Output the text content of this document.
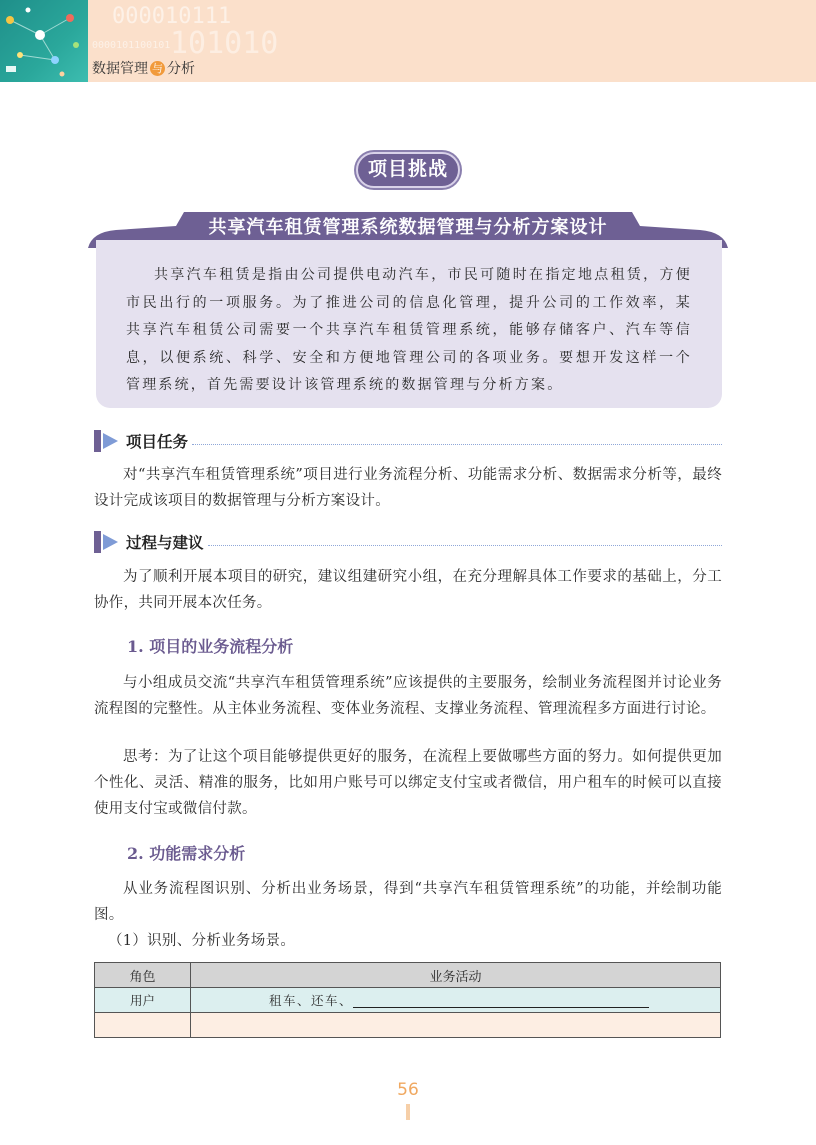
000010111
0000101100101 101010
数据管理 与 分析
项目挑战
共享汽车租赁管理系统数据管理与分析方案设计

共享汽车租赁是指由公司提供电动汽车，市民可随时在指定地点租赁，方便市民出行的一项服务。为了推进公司的信息化管理，提升公司的工作效率，某共享汽车租赁公司需要一个共享汽车租赁管理系统，能够存储客户、汽车等信息，以便系统、科学、安全和方便地管理公司的各项业务。要想开发这样一个管理系统，首先需要设计该管理系统的数据管理与分析方案。

项目任务
对“共享汽车租赁管理系统”项目进行业务流程分析、功能需求分析、数据需求分析等，最终设计完成该项目的数据管理与分析方案设计。
过程与建议
为了顺利开展本项目的研究，建议组建研究小组，在充分理解具体工作要求的基础上，分工协作，共同开展本次任务。
1. 项目的业务流程分析
与小组成员交流“共享汽车租赁管理系统”应该提供的主要服务，绘制业务流程图并讨论业务流程图的完整性。从主体业务流程、变体业务流程、支撑业务流程、管理流程多方面进行讨论。
思考：为了让这个项目能够提供更好的服务，在流程上要做哪些方面的努力。如何提供更加个性化、灵活、精准的服务，比如用户账号可以绑定支付宝或者微信，用户租车的时候可以直接使用支付宝或微信付款。
2. 功能需求分析
从业务流程图识别、分析出业务场景，得到“共享汽车租赁管理系统”的功能，并绘制功能图。
（1）识别、分析业务场景。
角色	业务活动
用户	租车、还车、

56
